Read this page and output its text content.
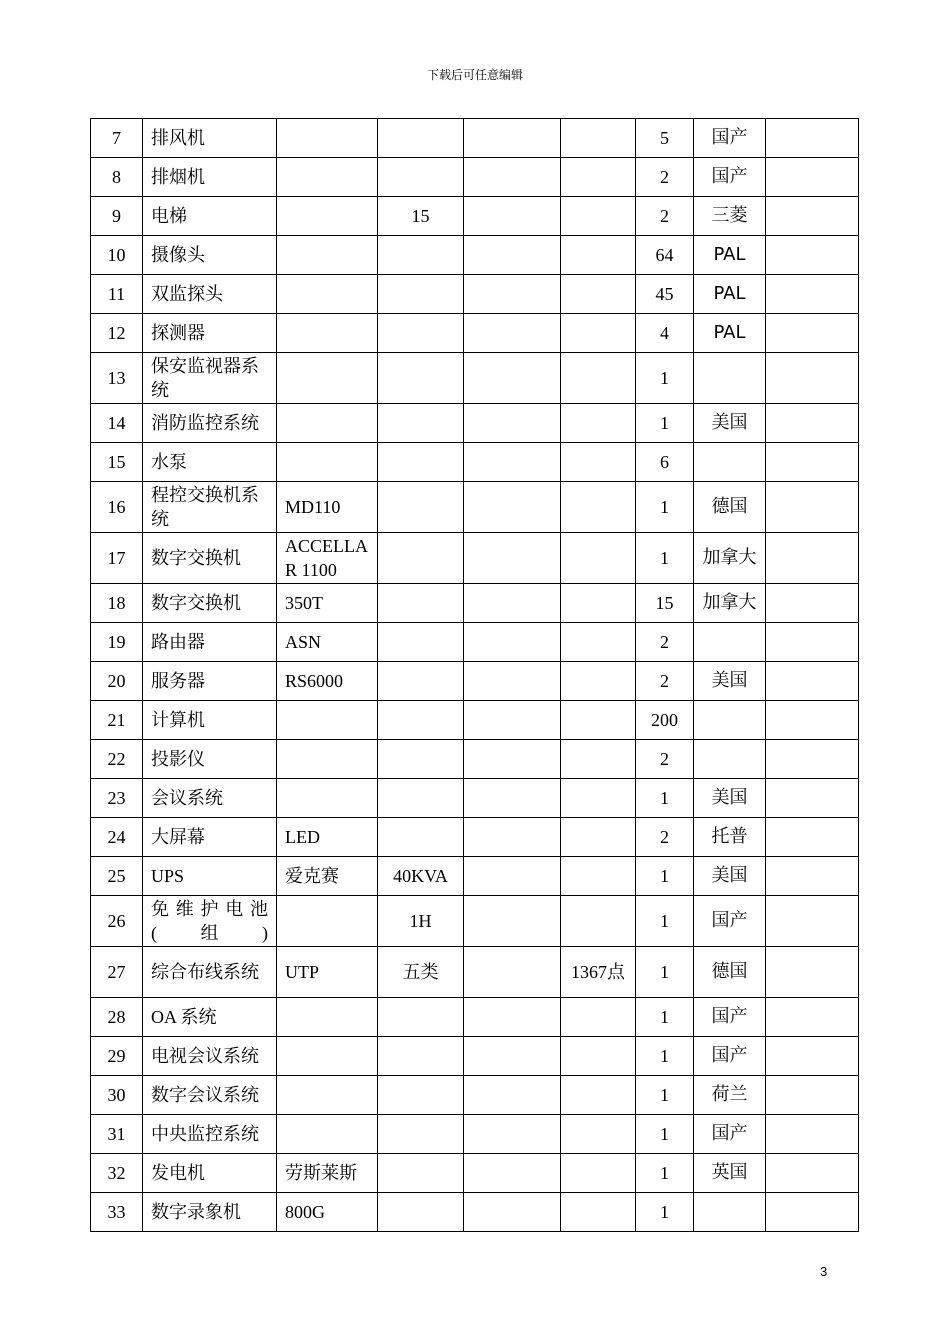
下载后可任意编辑
7	排风机					5	国产	
8	排烟机					2	国产	
9	电梯		15			2	三菱	
10	摄像头					64	PAL	
11	双监探头					45	PAL	
12	探测器					4	PAL	
13	保安监视器系统					1		
14	消防监控系统					1	美国	
15	水泵					6		
16	程控交换机系统	MD110				1	德国	
17	数字交换机	ACCELLAR 1100				1	加拿大	
18	数字交换机	350T				15	加拿大	
19	路由器	ASN				2		
20	服务器	RS6000				2	美国	
21	计算机					200		
22	投影仪					2		
23	会议系统					1	美国	
24	大屏幕	LED				2	托普	
25	UPS	爱克赛	40KVA			1	美国	
26	免维护电池(组)		1H			1	国产	
27	综合布线系统	UTP	五类		1367点	1	德国	
28	OA 系统					1	国产	
29	电视会议系统					1	国产	
30	数字会议系统					1	荷兰	
31	中央监控系统					1	国产	
32	发电机	劳斯莱斯				1	英国	
33	数字录象机	800G				1		
3
